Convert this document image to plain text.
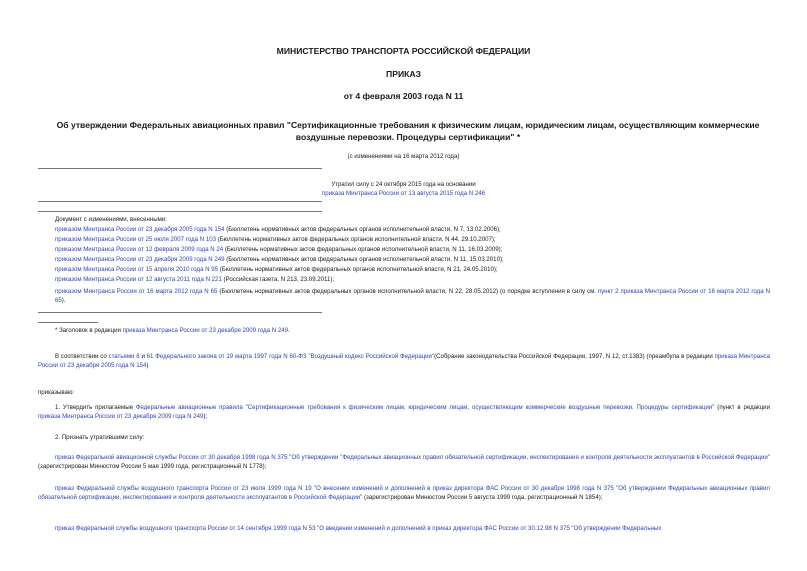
МИНИСТЕРСТВО ТРАНСПОРТА РОССИЙСКОЙ ФЕДЕРАЦИИ
ПРИКАЗ
от 4 февраля 2003 года N 11
Об утверждении Федеральных авиационных правил "Сертификационные требования к физическим лицам, юридическим лицам, осуществляющим коммерческие воздушные перевозки. Процедуры сертификации" *
(с изменениями на 16 марта 2012 года)
Утратил силу с 24 октября 2015 года на основании
приказа Минтранса России от 13 августа 2015 года N 246
Документ с изменениями, внесенными:
приказом Минтранса России от 23 декабря 2005 года N 154 (Бюллетень нормативных актов федеральных органов исполнительной власти, N 7, 13.02.2006);
приказом Минтранса России от 25 июля 2007 года N 103 (Бюллетень нормативных актов федеральных органов исполнительной власти, N 44, 29.10.2007);
приказом Минтранса России от 12 февраля 2009 года N 24 (Бюллетень нормативных актов федеральных органов исполнительной власти, N 11, 16.03.2009);
приказом Минтранса России от 23 декабря 2009 года N 249 (Бюллетень нормативных актов федеральных органов исполнительной власти, N 11, 15.03.2010);
приказом Минтранса России от 15 апреля 2010 года N 95 (Бюллетень нормативных актов федеральных органов исполнительной власти, N 21, 24.05.2010);
приказом Минтранса России от 12 августа 2011 года N 221 (Российская газета, N 213, 23.09.2011);
приказом Минтранса России от 16 марта 2012 года N 65 (Бюллетень нормативных актов федеральных органов исполнительной власти, N 22, 28.05.2012) (о порядке вступления в силу см. пункт 2 приказа Минтранса России от 16 марта 2012 года N 65).
* Заголовок в редакции приказа Минтранса России от 23 декабря 2009 года N 249.
В соответствии со статьями 8 и 61 Федерального закона от 19 марта 1997 года N 60-ФЗ "Воздушный кодекс Российской Федерации"(Собрание законодательства Российской Федерации, 1997, N 12, ст.1383) (преамбула в редакции приказа Минтранса России от 23 декабря 2005 года N 154)
приказываю:
1. Утвердить прилагаемые Федеральные авиационные правила "Сертификационные требования к физическим лицам, юридическим лицам, осуществляющим коммерческие воздушные перевозки. Процедуры сертификации" (пункт в редакции приказа Минтранса России от 23 декабря 2009 года N 249);
2. Признать утратившими силу:
приказ Федеральной авиационной службы России от 30 декабря 1998 года N 375 "Об утверждении "Федеральных авиационных правил обязательной сертификации, инспектирования и контроля деятельности эксплуатантов в Российской Федерации" (зарегистрирован Минюстом России 5 мая 1999 года, регистрационный N 1778);
приказ Федеральной службы воздушного транспорта России от 23 июля 1999 года N 19 "О внесении изменений и дополнений в приказ директора ФАС России от 30 декабря 1998 года N 375 "Об утверждении Федеральных авиационных правил обязательной сертификации, инспектирования и контроля деятельности эксплуатантов в Российской Федерации" (зарегистрирован Минюстом России 5 августа 1999 года, регистрационный N 1854);
приказ Федеральной службы воздушного транспорта России от 14 сентября 1999 года N 53 "О введении изменений и дополнений в приказ директора ФАС России от 30.12.98 N 375 "Об утверждении Федеральных
